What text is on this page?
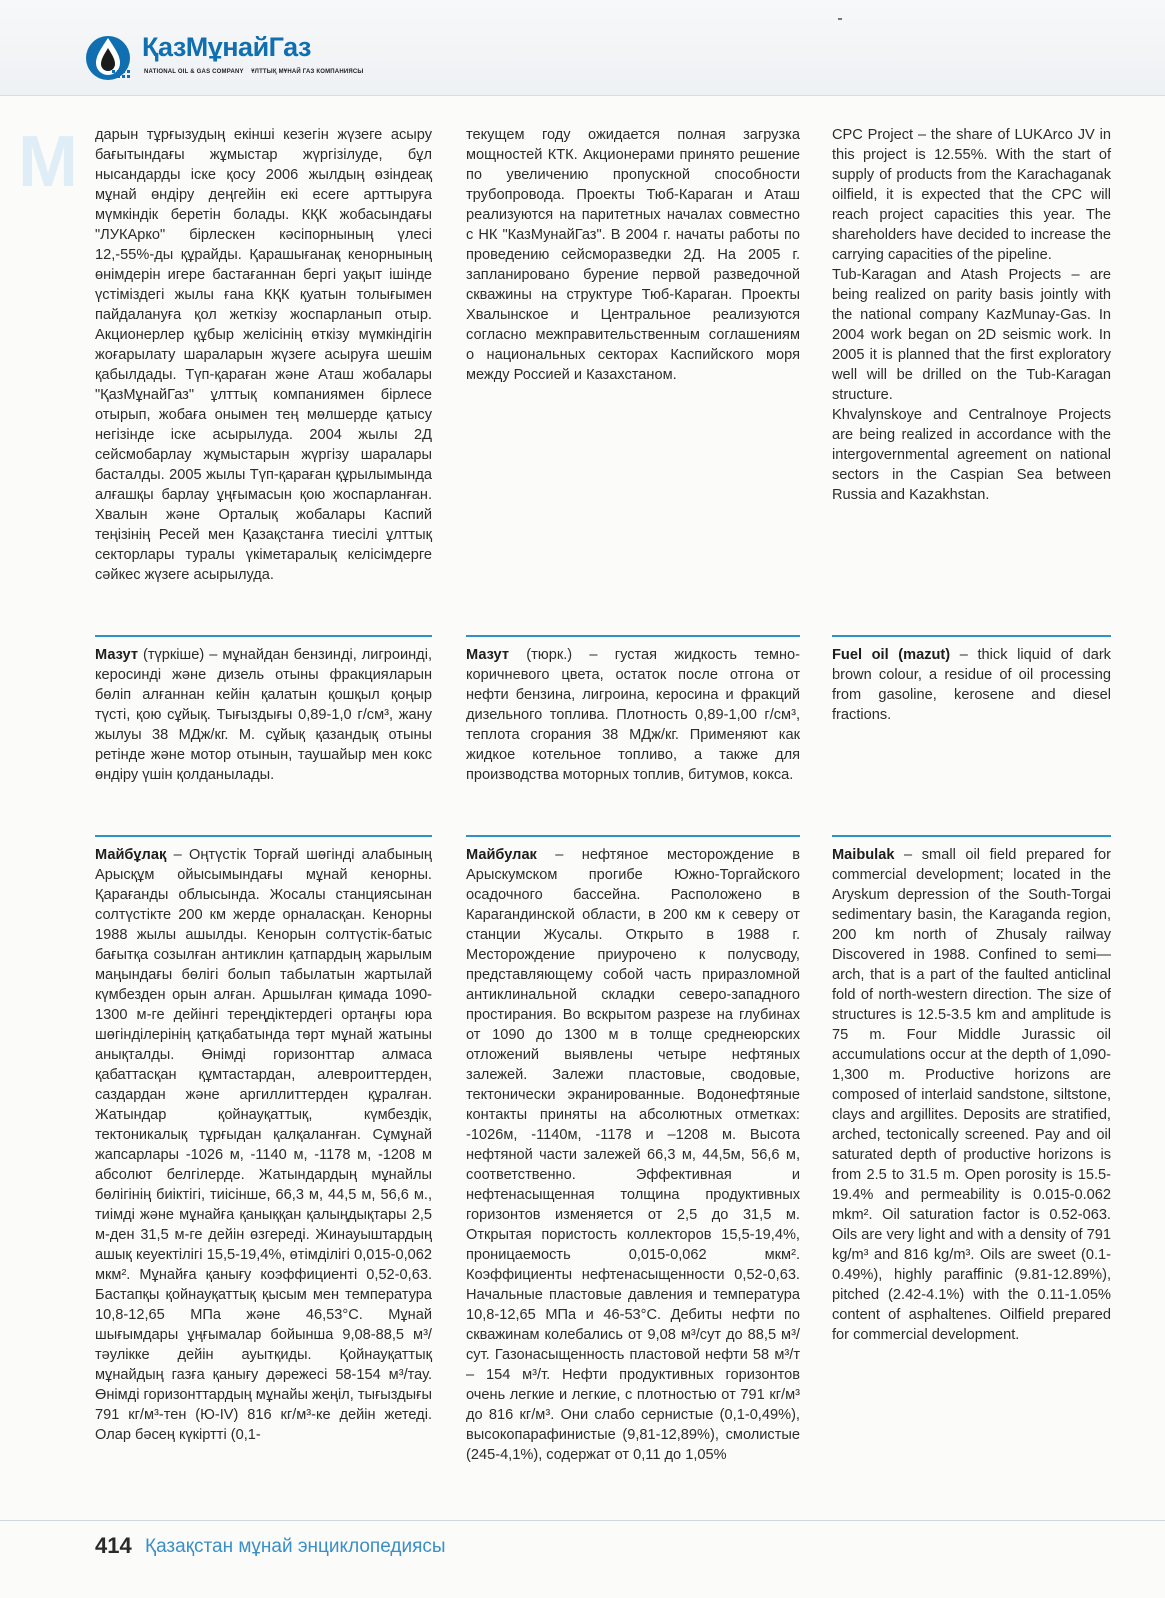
М
ҚазМұнайГаз
NATIONAL OIL & GAS COMPANY ҰЛТТЫҚ МҰНАЙ ГАЗ КОМПАНИЯСЫ

дарын тұрғызудың екінші кезегін жүзеге асыру бағытындағы жұмыстар жүргізілуде, бұл нысандарды іске қосу 2006 жылдың өзіндеақ мұнай өндіру деңгейін екі есеге арттыруға мүмкіндік беретін болады. КҚК жобасындағы "ЛУКАрко" бірлескен кәсіпорнының үлесі 12,-55%-ды құрайды. Қарашығанақ кенорнының өнімдерін игере бастағаннан бергі уақыт ішінде үстіміздегі жылы ғана КҚК қуатын толығымен пайдалануға қол жеткізу жоспарланып отыр. Акционерлер құбыр желісінің өткізу мүмкіндігін жоғарылату шараларын жүзеге асыруға шешім қабылдады. Түп-қараған және Аташ жобалары "ҚазМұнайГаз" ұлттық компаниямен бірлесе отырып, жобаға онымен тең мөлшерде қатысу негізінде іске асырылуда. 2004 жылы 2Д сейсмобарлау жұмыстарын жүргізу шаралары басталды. 2005 жылы Түп-қараған құрылымында алғашқы барлау ұңғымасын қою жоспарланған. Хвалын және Орталық жобалары Каспий теңізінің Ресей мен Қазақстанға тиесілі ұлттық секторлары туралы үкіметаралық келісімдерге сәйкес жүзеге асырылуда.

текущем году ожидается полная загрузка мощностей КТК. Акционерами принято решение по увеличению пропускной способности трубопровода. Проекты Тюб-Караган и Аташ реализуются на паритетных началах совместно с НК "КазМунайГаз". В 2004 г. начаты работы по проведению сейсморазведки 2Д. На 2005 г. запланировано бурение первой разведочной скважины на структуре Тюб-Караган. Проекты Хвалынское и Центральное реализуются согласно межправительственным соглашениям о национальных секторах Каспийского моря между Россией и Казахстаном.

CPC Project – the share of LUKArco JV in this project is 12.55%. With the start of supply of products from the Karachaganak oilfield, it is expected that the CPC will reach project capacities this year. The shareholders have decided to increase the carrying capacities of the pipeline.

Tub-Karagan and Atash Projects – are being realized on parity basis jointly with the national company KazMunay-Gas. In 2004 work began on 2D seismic work. In 2005 it is planned that the first exploratory well will be drilled on the Tub-Karagan structure.

Khvalynskoye and Centralnoye Projects are being realized in accordance with the intergovernmental agreement on national sectors in the Caspian Sea between Russia and Kazakhstan.

Мазут (түркіше) – мұнайдан бензинді, лигроинді, керосинді және дизель отыны фракцияларын бөліп алғаннан кейін қалатын қошқыл қоңыр түсті, қою сұйық. Тығыздығы 0,89-1,0 г/см³, жану жылуы 38 МДж/кг. М. сұйық қазандық отыны ретінде және мотор отынын, таушайыр мен кокс өндіру үшін қолданылады.
Мазут (тюрк.) – густая жидкость темно-коричневого цвета, остаток после отгона от нефти бензина, лигроина, керосина и фракций дизельного топлива. Плотность 0,89-1,00 г/см³, теплота сгорания 38 МДж/кг. Применяют как жидкое котельное топливо, а также для производства моторных топлив, битумов, кокса.
Fuel oil (mazut) – thick liquid of dark brown colour, a residue of oil processing from gasoline, kerosene and diesel fractions.
Майбұлақ – Оңтүстік Торғай шөгінді алабының Арысқұм ойысымындағы мұнай кенорны. Қарағанды облысында. Жосалы станциясынан солтүстікте 200 км жерде орналасқан. Кенорны 1988 жылы ашылды. Кенорын солтүстік-батыс бағытқа созылған антиклин қатпардың жарылым маңындағы бөлігі болып табылатын жартылай күмбезден орын алған. Аршылған қимада 1090-1300 м-ге дейінгі тереңдіктердегі ортаңғы юра шөгінділерінің қатқабатында төрт мұнай жатыны анықталды. Өнімді горизонттар алмаса қабаттасқан құмтастардан, алевроиттерден, саздардан және аргиллиттерден құралған. Жатындар қойнауқаттық, күмбездік, тектоникалық тұрғыдан қалқаланған. Сұмұнай жапсарлары -1026 м, -1140 м, -1178 м, -1208 м абсолют белгілерде. Жатындардың мұнайлы бөлігінің биіктігі, тиісінше, 66,3 м, 44,5 м, 56,6 м., тиімді және мұнайға қаныққан қалыңдықтары 2,5 м-ден 31,5 м-ге дейін өзгереді. Жинауыштардың ашық кеуектілігі 15,5-19,4%, өтімділігі 0,015-0,062 мкм². Мұнайға қанығу коэффициенті 0,52-0,63. Бастапқы қойнауқаттық қысым мен температура 10,8-12,65 МПа және 46,53°С. Мұнай шығымдары ұңғымалар бойынша 9,08-88,5 м³/тәулікке дейін ауытқиды. Қойнауқаттық мұнайдың газға қанығу дәрежесі 58-154 м³/тау. Өнімді горизонттардың мұнайы жеңіл, тығыздығы 791 кг/м³-тен (Ю-IV) 816 кг/м³-ке дейін жетеді. Олар бәсең күкіртті (0,1-
Майбулак – нефтяное месторождение в Арыскумском прогибе Южно-Торгайского осадочного бассейна. Расположено в Карагандинской области, в 200 км к северу от станции Жусалы. Открыто в 1988 г. Месторождение приурочено к полусводу, представляющему собой часть приразломной антиклинальной складки северо-западного простирания. Во вскрытом разрезе на глубинах от 1090 до 1300 м в толще среднеюрских отложений выявлены четыре нефтяных залежей. Залежи пластовые, сводовые, тектонически экранированные. Водонефтяные контакты приняты на абсолютных отметках: -1026м, -1140м, -1178 и –1208 м. Высота нефтяной части залежей 66,3 м, 44,5м, 56,6 м, соответственно. Эффективная и нефтенасыщенная толщина продуктивных горизонтов изменяется от 2,5 до 31,5 м. Открытая пористость коллекторов 15,5-19,4%, проницаемость 0,015-0,062 мкм². Коэффициенты нефтенасыщенности 0,52-0,63. Начальные пластовые давления и температура 10,8-12,65 МПа и 46-53°С. Дебиты нефти по скважинам колебались от 9,08 м³/сут до 88,5 м³/сут. Газонасыщенность пластовой нефти 58 м³/т – 154 м³/т. Нефти продуктивных горизонтов очень легкие и легкие, с плотностью от 791 кг/м³ до 816 кг/м³. Они слабо сернистые (0,1-0,49%), высокопарафинистые (9,81-12,89%), смолистые (245-4,1%), содержат от 0,11 до 1,05%
Maibulak – small oil field prepared for commercial development; located in the Aryskum depression of the South-Torgai sedimentary basin, the Karaganda region, 200 km north of Zhusaly railway Discovered in 1988. Confined to semi—arch, that is a part of the faulted anticlinal fold of north-western direction. The size of structures is 12.5-3.5 km and amplitude is 75 m. Four Middle Jurassic oil accumulations occur at the depth of 1,090-1,300 m. Productive horizons are composed of interlaid sandstone, siltstone, clays and argillites. Deposits are stratified, arched, tectonically screened. Pay and oil saturated depth of productive horizons is from 2.5 to 31.5 m. Open porosity is 15.5-19.4% and permeability is 0.015-0.062 mkm². Oil saturation factor is 0.52-063. Oils are very light and with a density of 791 kg/m³ and 816 kg/m³. Oils are sweet (0.1-0.49%), highly paraffinic (9.81-12.89%), pitched (2.42-4.1%) with the 0.11-1.05% content of asphaltenes. Oilfield prepared for commercial development.
414 Қазақстан мұнай энциклопедиясы
